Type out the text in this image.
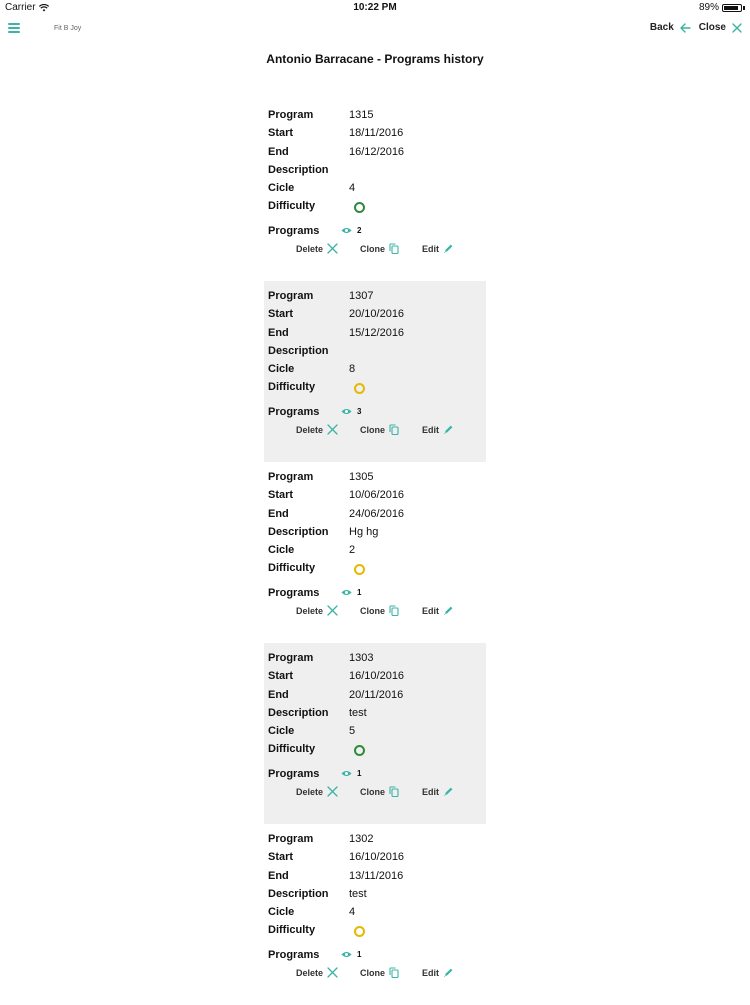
Carrier	10:22 PM	89%
Fit B Joy	Back	Close
Antonio Barracane - Programs history
Program	1315
Start	18/11/2016
End	16/12/2016
Description
Cicle	4
Difficulty
Programs	2
Delete	Clone	Edit
Program	1307
Start	20/10/2016
End	15/12/2016
Description
Cicle	8
Difficulty
Programs	3
Delete	Clone	Edit
Program	1305
Start	10/06/2016
End	24/06/2016
Description	Hg hg
Cicle	2
Difficulty
Programs	1
Delete	Clone	Edit
Program	1303
Start	16/10/2016
End	20/11/2016
Description	test
Cicle	5
Difficulty
Programs	1
Delete	Clone	Edit
Program	1302
Start	16/10/2016
End	13/11/2016
Description	test
Cicle	4
Difficulty
Programs	1
Delete	Clone	Edit
